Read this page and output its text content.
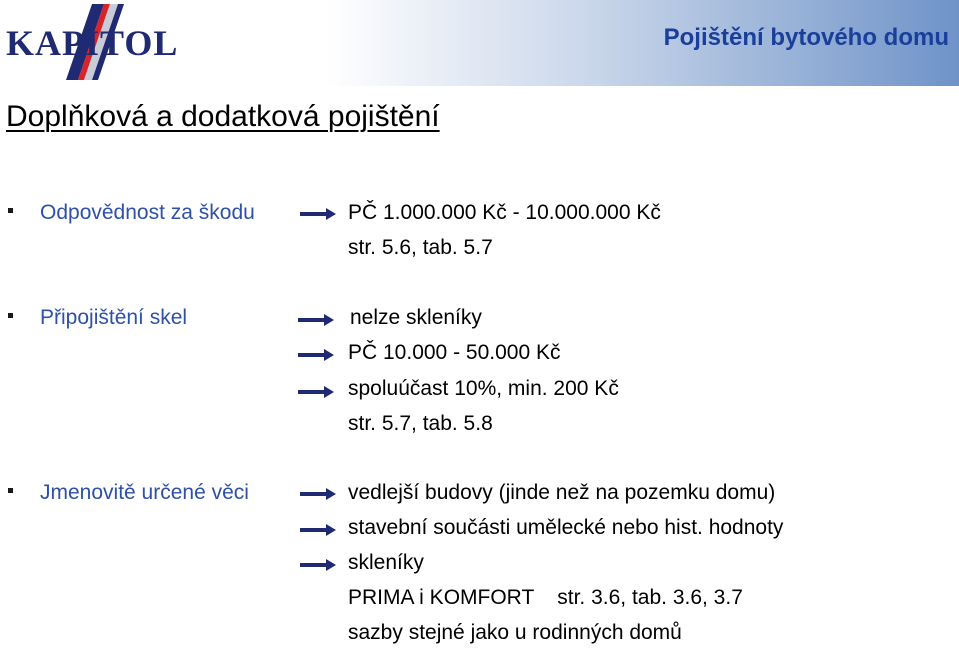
KAPITOL	Pojištění bytového domu
Doplňková a dodatková pojištění
Odpovědnost za škodu	PČ 1.000.000 Kč - 10.000.000 Kč
str. 5.6, tab. 5.7
Připojištění skel	nelze skleníky
PČ 10.000 - 50.000 Kč
spoluúčast 10%, min. 200 Kč
str. 5.7, tab. 5.8
Jmenovitě určené věci	vedlejší budovy (jinde než na pozemku domu)
stavební součásti umělecké nebo hist. hodnoty
skleníky
PRIMA i KOMFORT    str. 3.6, tab. 3.6, 3.7
sazby stejné jako u rodinných domů
